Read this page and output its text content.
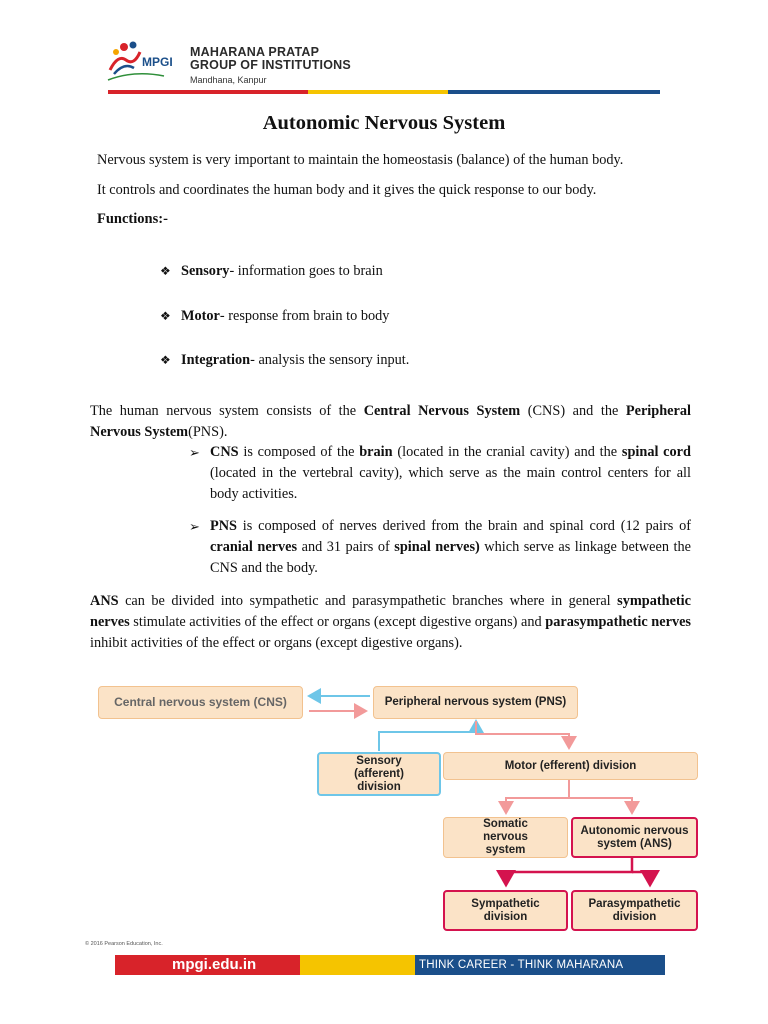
MPGI
MAHARANA PRATAP
GROUP OF INSTITUTIONS
Mandhana, Kanpur
Autonomic Nervous System
Nervous system is very important to maintain the homeostasis (balance) of the human body.
It controls and coordinates the human body and it gives the quick response to our body.
Functions:-
❖ Sensory- information goes to brain
❖ Motor- response from brain to body
❖ Integration- analysis the sensory input.
The human nervous system consists of the Central Nervous System (CNS) and the Peripheral Nervous System(PNS).
➢ CNS is composed of the brain (located in the cranial cavity) and the spinal cord (located in the vertebral cavity), which serve as the main control centers for all body activities.
➢ PNS is composed of nerves derived from the brain and spinal cord (12 pairs of cranial nerves and 31 pairs of spinal nerves) which serve as linkage between the CNS and the body.
ANS can be divided into sympathetic and parasympathetic branches where in general sympathetic nerves stimulate activities of the effect or organs (except digestive organs) and parasympathetic nerves inhibit activities of the effect or organs (except digestive organs).
Central nervous system (CNS)	Peripheral nervous system (PNS)
Sensory (afferent) division
Motor (efferent) division
Somatic nervous system
Autonomic nervous system (ANS)
Sympathetic division
Parasympathetic division
© 2016 Pearson Education, Inc.
mpgi.edu.in	THINK CAREER - THINK MAHARANA
